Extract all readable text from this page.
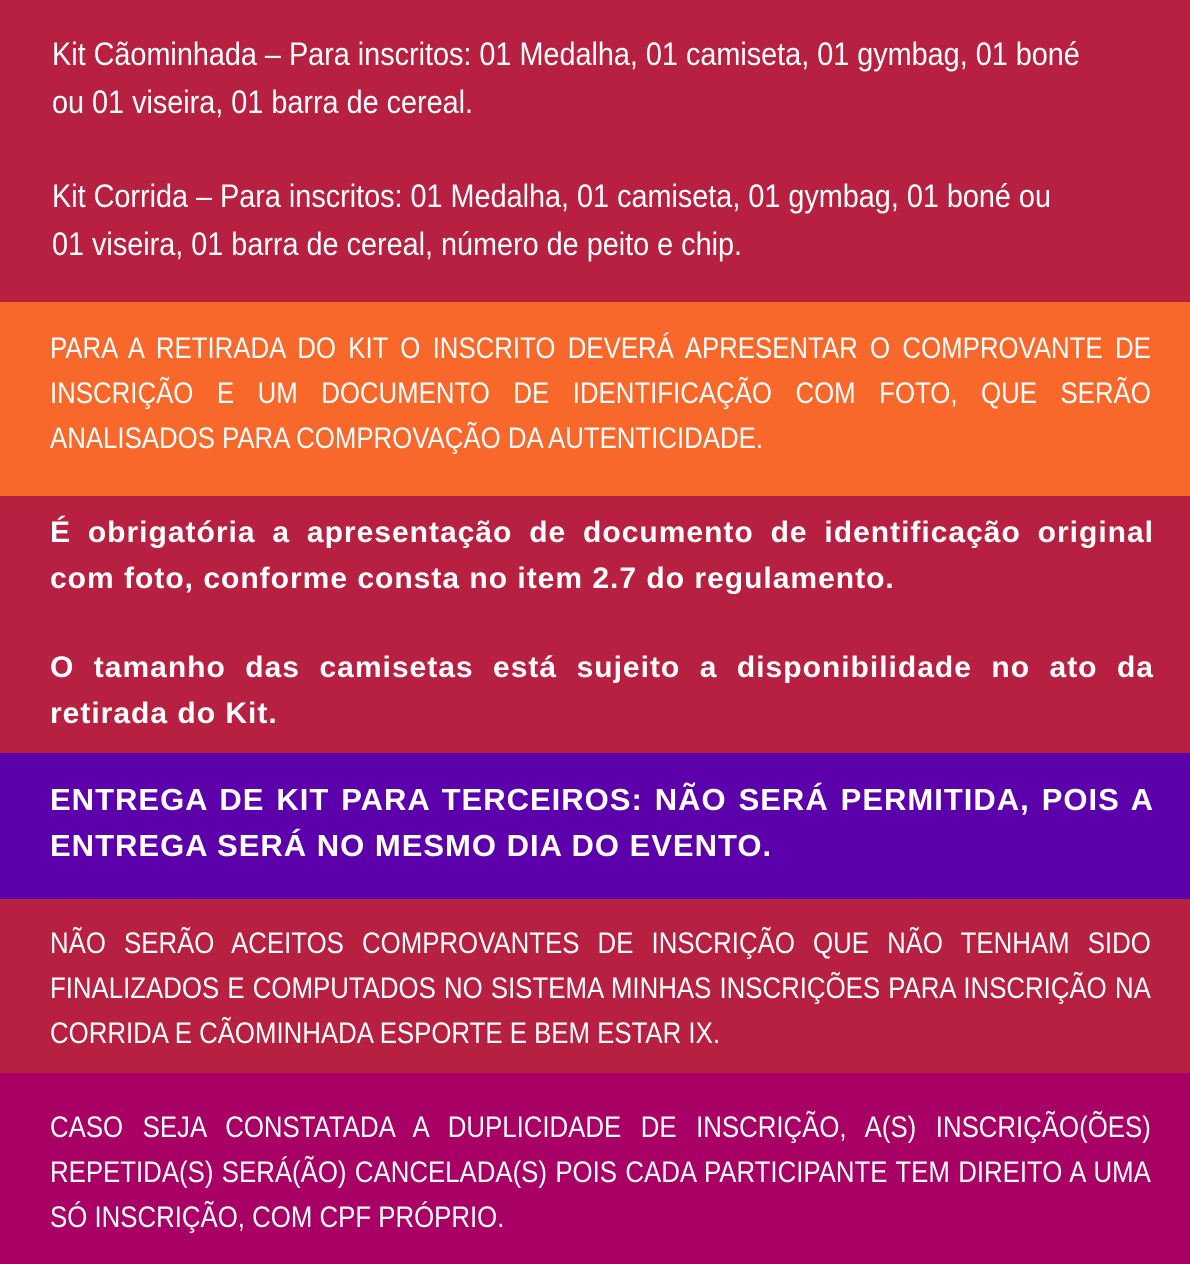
Kit Cãominhada – Para inscritos: 01 Medalha, 01 camiseta, 01 gymbag, 01 boné ou 01 viseira, 01 barra de cereal.
Kit Corrida – Para inscritos: 01 Medalha, 01 camiseta, 01 gymbag, 01 boné ou 01 viseira, 01 barra de cereal, número de peito e chip.
PARA A RETIRADA DO KIT O INSCRITO DEVERÁ APRESENTAR O COMPROVANTE DE INSCRIÇÃO E UM DOCUMENTO DE IDENTIFICAÇÃO COM FOTO, QUE SERÃO ANALISADOS PARA COMPROVAÇÃO DA AUTENTICIDADE.
É obrigatória a apresentação de documento de identificação original com foto, conforme consta no item 2.7 do regulamento.
O tamanho das camisetas está sujeito a disponibilidade no ato da retirada do Kit.
ENTREGA DE KIT PARA TERCEIROS: NÃO SERÁ PERMITIDA, POIS A ENTREGA SERÁ NO MESMO DIA DO EVENTO.
NÃO SERÃO ACEITOS COMPROVANTES DE INSCRIÇÃO QUE NÃO TENHAM SIDO FINALIZADOS E COMPUTADOS NO SISTEMA MINHAS INSCRIÇÕES PARA INSCRIÇÃO NA CORRIDA E CÃOMINHADA ESPORTE E BEM ESTAR IX.
CASO SEJA CONSTATADA A DUPLICIDADE DE INSCRIÇÃO, A(S) INSCRIÇÃO(ÕES) REPETIDA(S) SERÁ(ÃO) CANCELADA(S) POIS CADA PARTICIPANTE TEM DIREITO A UMA SÓ INSCRIÇÃO, COM CPF PRÓPRIO.
